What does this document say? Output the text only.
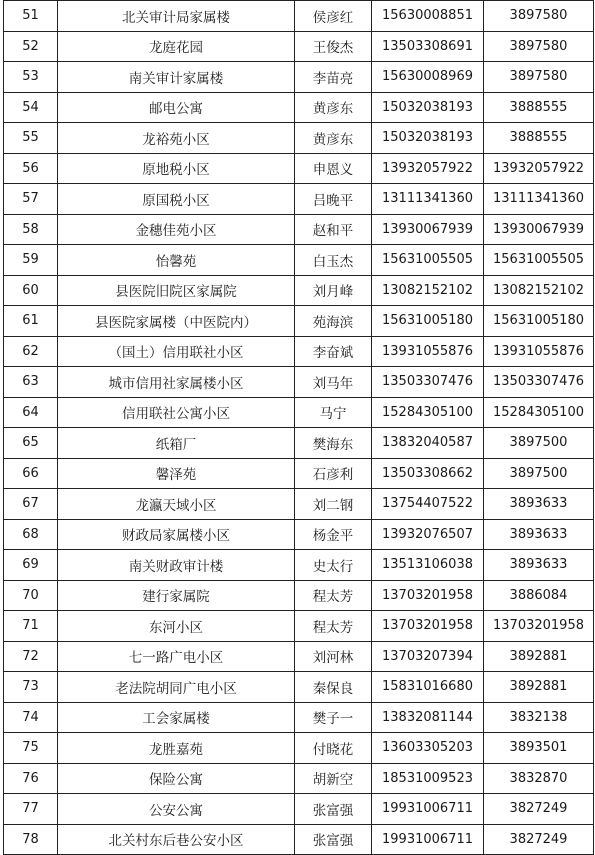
51	北关审计局家属楼	侯彦红	15630008851	3897580
52	龙庭花园	王俊杰	13503308691	3897580
53	南关审计家属楼	李苗亮	15630008969	3897580
54	邮电公寓	黄彦东	15032038193	3888555
55	龙裕苑小区	黄彦东	15032038193	3888555
56	原地税小区	申恩义	13932057922	13932057922
57	原国税小区	吕晚平	13111341360	13111341360
58	金穗佳苑小区	赵和平	13930067939	13930067939
59	怡馨苑	白玉杰	15631005505	15631005505
60	县医院旧院区家属院	刘月峰	13082152102	13082152102
61	县医院家属楼（中医院内）	苑海滨	15631005180	15631005180
62	（国土）信用联社小区	李奋斌	13931055876	13931055876
63	城市信用社家属楼小区	刘马年	13503307476	13503307476
64	信用联社公寓小区	马宁	15284305100	15284305100
65	纸箱厂	樊海东	13832040587	3897500
66	馨泽苑	石彦利	13503308662	3897500
67	龙瀛天域小区	刘二钢	13754407522	3893633
68	财政局家属楼小区	杨金平	13932076507	3893633
69	南关财政审计楼	史太行	13513106038	3893633
70	建行家属院	程太芳	13703201958	3886084
71	东河小区	程太芳	13703201958	13703201958
72	七一路广电小区	刘河林	13703207394	3892881
73	老法院胡同广电小区	秦保良	15831016680	3892881
74	工会家属楼	樊子一	13832081144	3832138
75	龙胜嘉苑	付晓花	13603305203	3893501
76	保险公寓	胡新空	18531009523	3832870
77	公安公寓	张富强	19931006711	3827249
78	北关村东后巷公安小区	张富强	19931006711	3827249
